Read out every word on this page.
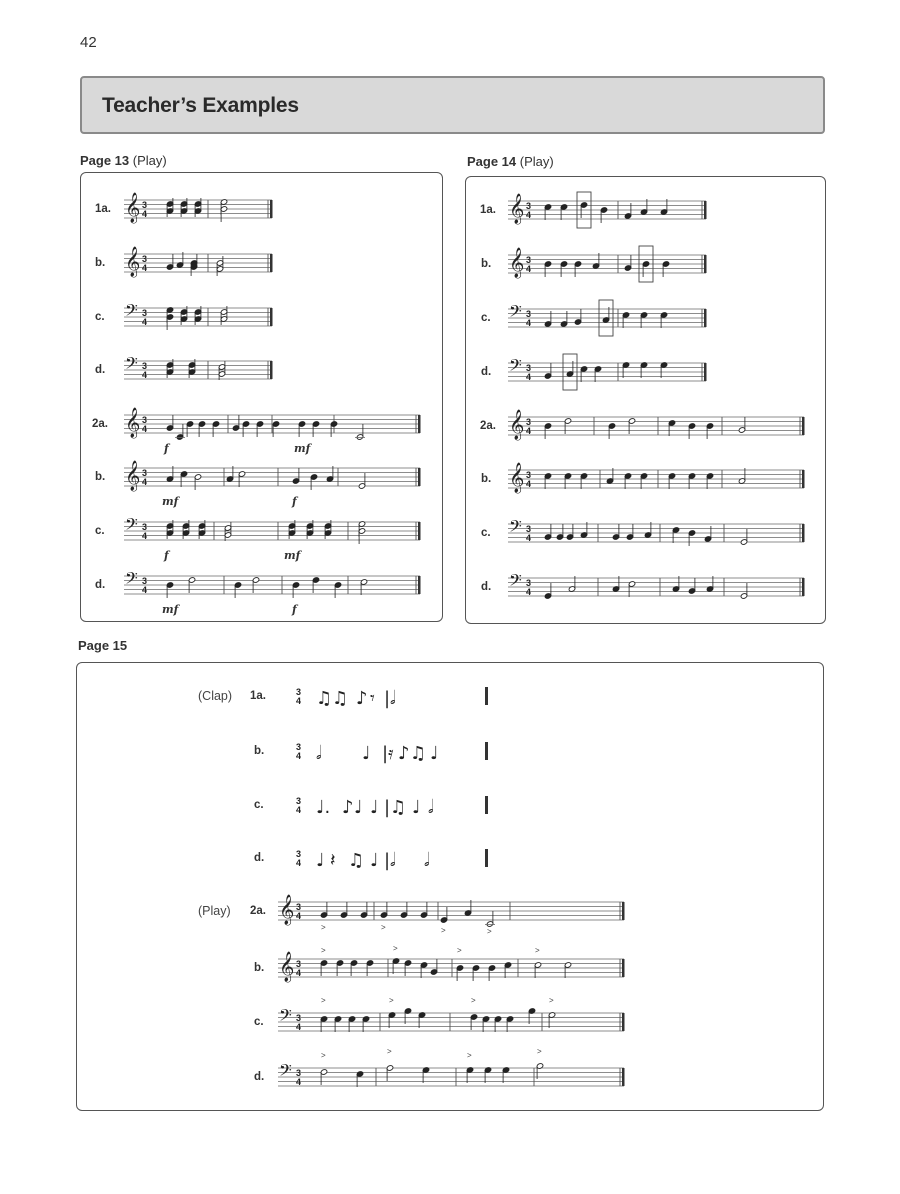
42
Teacher’s Examples
Page 13 (Play)	Page 14 (Play)
Page 15
1a. 𝄞 3
4
b. 𝄞 3
4
c. 𝄢 3
4
d. 𝄢 3
4
2a. 𝄞 3
4
f	mf
b. 𝄞 3
4
mf	f
c. 𝄢 3
4
f	mf
d. 𝄢 3
4
mf	f
1a. 𝄞 3
4
b. 𝄞 3
4
c. 𝄢 3
4
d. 𝄢 3
4
2a. 𝄞 3
4
b. 𝄞 3
4
c. 𝄢 3
4
d. 𝄢 3
4
(Clap) 1a.	3
4 ♫ ♫ ♪ 𝄾 | 𝅗𝅥
b.	3
4 𝅗𝅥 ♩ | 𝄿 ♪ ♫ ♩
c.	3
4 ♩. ♪ ♩ ♩ | ♫ ♩ 𝅗𝅥
d.	3
4 ♩ 𝄽 ♫ ♩ | 𝅗𝅥 𝅗𝅥
(Play) 2a. 𝄞 3
4
>	>	>	>
b. 𝄞 3
4
>	>	>	>
c. 𝄢 3
4
>	>	>	>
d. 𝄢 3
4
>	>	>	>
